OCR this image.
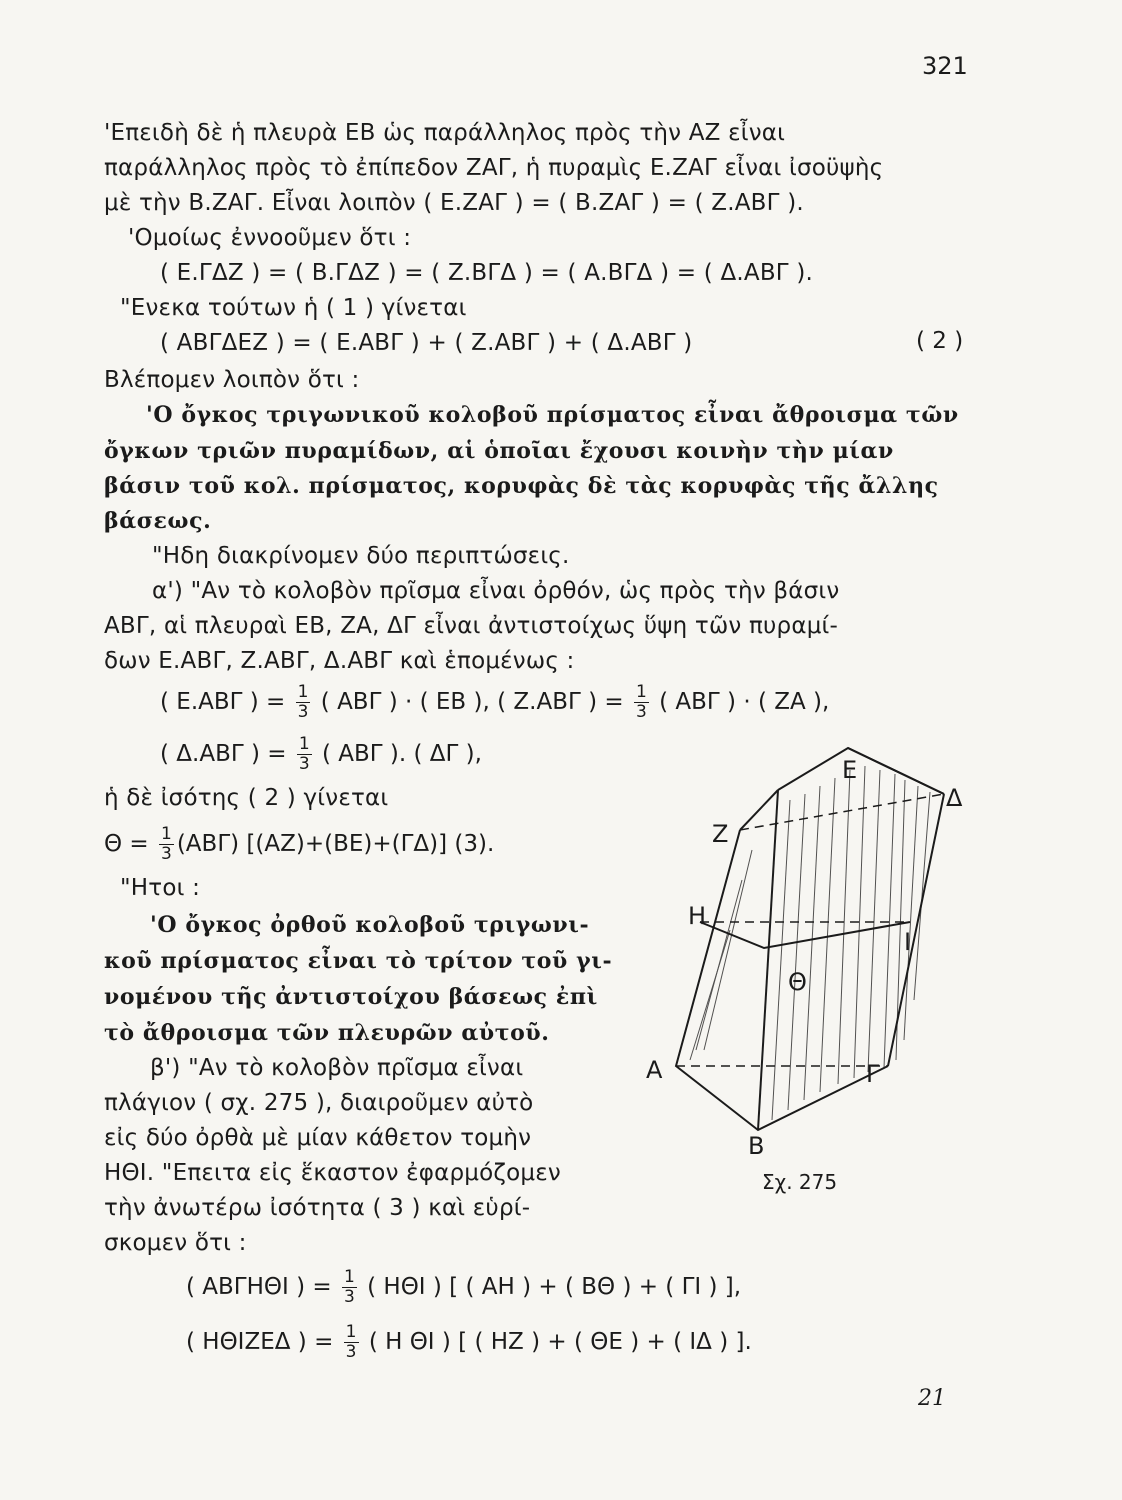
321
'Επειδὴ δὲ ἡ πλευρὰ ΕΒ ὡς παράλληλος πρὸς τὴν ΑΖ εἶναι
παράλληλος πρὸς τὸ ἐπίπεδον ΖΑΓ, ἡ πυραμὶς Ε.ΖΑΓ εἶναι ἰσοϋψὴς
μὲ τὴν Β.ΖΑΓ. Εἶναι λοιπὸν ( Ε.ΖΑΓ ) = ( Β.ΖΑΓ ) = ( Ζ.ΑΒΓ ).
'Ομοίως ἐννοοῦμεν ὅτι :
( Ε.ΓΔΖ ) = ( Β.ΓΔΖ ) = ( Ζ.ΒΓΔ ) = ( Α.ΒΓΔ ) = ( Δ.ΑΒΓ ).
"Ενεκα τούτων ἡ ( 1 ) γίνεται
( ΑΒΓΔΕΖ ) = ( Ε.ΑΒΓ ) + ( Ζ.ΑΒΓ ) + ( Δ.ΑΒΓ )	( 2 )
Βλέπομεν λοιπὸν ὅτι :
'Ο ὄγκος τριγωνικοῦ κολοβοῦ πρίσματος εἶναι ἄθροισμα τῶν
ὄγκων τριῶν πυραμίδων, αἱ ὁποῖαι ἔχουσι κοινὴν τὴν μίαν
βάσιν τοῦ κολ. πρίσματος, κορυφὰς δὲ τὰς κορυφὰς τῆς ἄλλης
βάσεως.
"Ηδη διακρίνομεν δύο περιπτώσεις.
α') "Αν τὸ κολοβὸν πρῖσμα εἶναι ὀρθόν, ὡς πρὸς τὴν βάσιν
ΑΒΓ, αἱ πλευραὶ ΕΒ, ΖΑ, ΔΓ εἶναι ἀντιστοίχως ὕψη τῶν πυραμί-
δων Ε.ΑΒΓ, Ζ.ΑΒΓ, Δ.ΑΒΓ καὶ ἑπομένως :
( Ε.ΑΒΓ ) = $\frac{1}{3}$ ( ΑΒΓ ) · ( ΕΒ ), ( Ζ.ΑΒΓ ) = $\frac{1}{3}$ ( ΑΒΓ ) · ( ΖΑ ),
( Δ.ΑΒΓ ) = $\frac{1}{3}$ ( ΑΒΓ ). ( ΔΓ ),
ἡ δὲ ἰσότης ( 2 ) γίνεται
$\Theta = \frac{1}{3} (AB\Gamma)$ [(ΑΖ)+(ΒΕ)+(ΓΔ)] (3).
"Ητοι :
'Ο ὄγκος ὀρθοῦ κολοβοῦ τριγωνι-
κοῦ πρίσματος εἶναι τὸ τρίτον τοῦ γι-
νομένου τῆς ἀντιστοίχου βάσεως ἐπὶ
τὸ ἄθροισμα τῶν πλευρῶν αὐτοῦ.
β') "Αν τὸ κολοβὸν πρῖσμα εἶναι
πλάγιον ( σχ. 275 ), διαιροῦμεν αὐτὸ
εἰς δύο ὀρθὰ μὲ μίαν κάθετον τομὴν
ΗΘΙ. "Επειτα εἰς ἕκαστον ἐφαρμόζομεν
τὴν ἀνωτέρω ἰσότητα ( 3 ) καὶ εὑρί-
σκομεν ὅτι :
( ΑΒΓΗΘΙ ) = $\frac{1}{3}$ ( ΗΘΙ ) [ ( ΑΗ ) + ( ΒΘ ) + ( ΓΙ ) ],
( ΗΘΙΖΕΔ ) = $\frac{1}{3}$ ( Η ΘΙ ) [ ( ΗΖ ) + ( ΘΕ ) + ( ΙΔ ) ].
Ε
Δ
Ζ
Η
Ι
Θ
Α	Γ
Β
Σχ. 275
21
